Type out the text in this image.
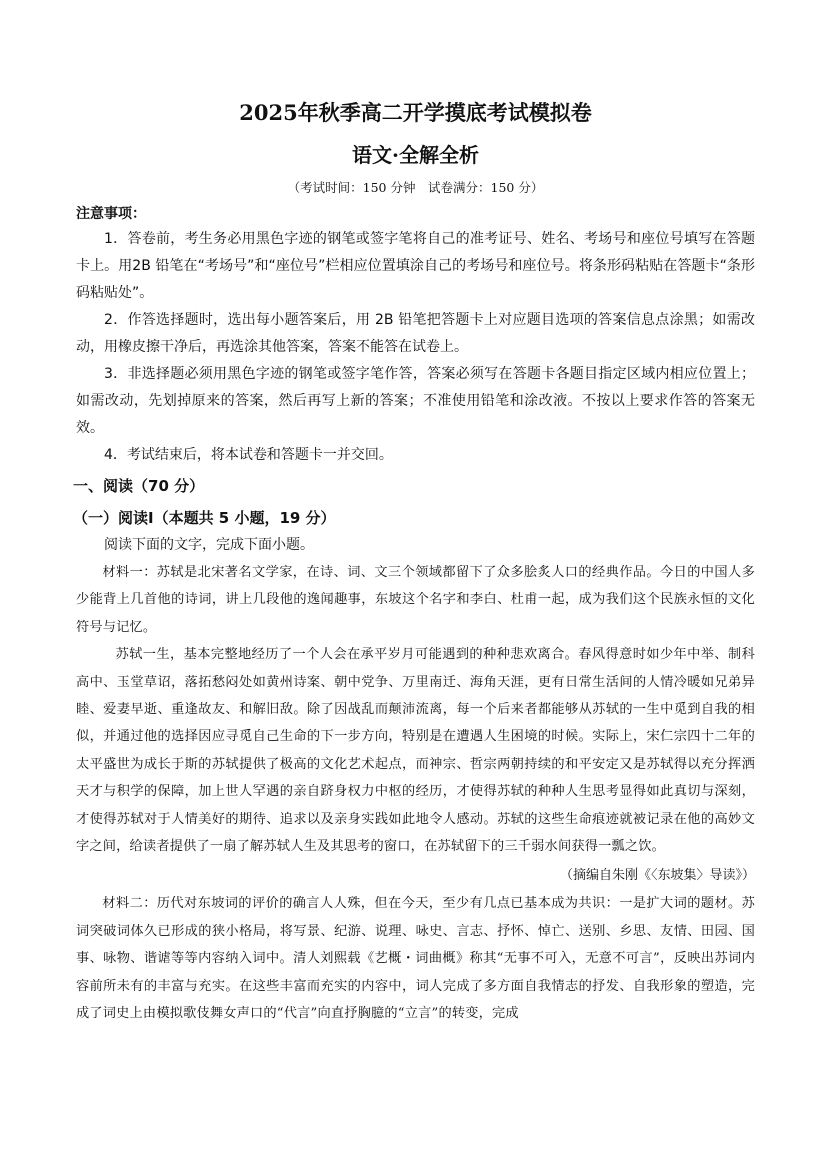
2025年秋季高二开学摸底考试模拟卷
语文·全解全析

（考试时间：150 分钟　试卷满分：150 分）

注意事项：

1．答卷前，考生务必用黑色字迹的钢笔或签字笔将自己的准考证号、姓名、考场号和座位号填写在答题卡上。用2B 铅笔在“考场号”和“座位号”栏相应位置填涂自己的考场号和座位号。将条形码粘贴在答题卡“条形码粘贴处”。

2．作答选择题时，选出每小题答案后，用 2B 铅笔把答题卡上对应题目选项的答案信息点涂黑；如需改动，用橡皮擦干净后，再选涂其他答案，答案不能答在试卷上。

3．非选择题必须用黑色字迹的钢笔或签字笔作答，答案必须写在答题卡各题目指定区域内相应位置上；如需改动，先划掉原来的答案，然后再写上新的答案；不准使用铅笔和涂改液。不按以上要求作答的答案无效。

4．考试结束后，将本试卷和答题卡一并交回。

一、阅读（70 分）

（一）阅读Ⅰ（本题共 5 小题，19 分）

阅读下面的文字，完成下面小题。

材料一：苏轼是北宋著名文学家，在诗、词、文三个领域都留下了众多脍炙人口的经典作品。今日的中国人多少能背上几首他的诗词，讲上几段他的逸闻趣事，东坡这个名字和李白、杜甫一起，成为我们这个民族永恒的文化符号与记忆。

苏轼一生，基本完整地经历了一个人会在承平岁月可能遇到的种种悲欢离合。春风得意时如少年中举、制科高中、玉堂草诏，落拓愁闷处如黄州诗案、朝中党争、万里南迁、海角天涯，更有日常生活间的人情冷暖如兄弟异睦、爱妻早逝、重逢故友、和解旧敌。除了因战乱而颠沛流离，每一个后来者都能够从苏轼的一生中觅到自我的相似，并通过他的选择因应寻觅自己生命的下一步方向，特别是在遭遇人生困境的时候。实际上，宋仁宗四十二年的太平盛世为成长于斯的苏轼提供了极高的文化艺术起点，而神宗、哲宗两朝持续的和平安定又是苏轼得以充分挥洒天才与积学的保障，加上世人罕遇的亲自跻身权力中枢的经历，才使得苏轼的种种人生思考显得如此真切与深刻，才使得苏轼对于人情美好的期待、追求以及亲身实践如此地令人感动。苏轼的这些生命痕迹就被记录在他的高妙文字之间，给读者提供了一扇了解苏轼人生及其思考的窗口，在苏轼留下的三千弱水间获得一瓢之饮。

（摘编自朱刚《〈东坡集〉导读》）

材料二：历代对东坡词的评价的确言人人殊，但在今天，至少有几点已基本成为共识：一是扩大词的题材。苏词突破词体久已形成的狭小格局，将写景、纪游、说理、咏史、言志、抒怀、悼亡、送别、乡思、友情、田园、国事、咏物、谐谑等等内容纳入词中。清人刘熙载《艺概・词曲概》称其“无事不可入，无意不可言”，反映出苏词内容前所未有的丰富与充实。在这些丰富而充实的内容中，词人完成了多方面自我情志的抒发、自我形象的塑造，完成了词史上由模拟歌伎舞女声口的“代言”向直抒胸臆的“立言”的转变，完成
